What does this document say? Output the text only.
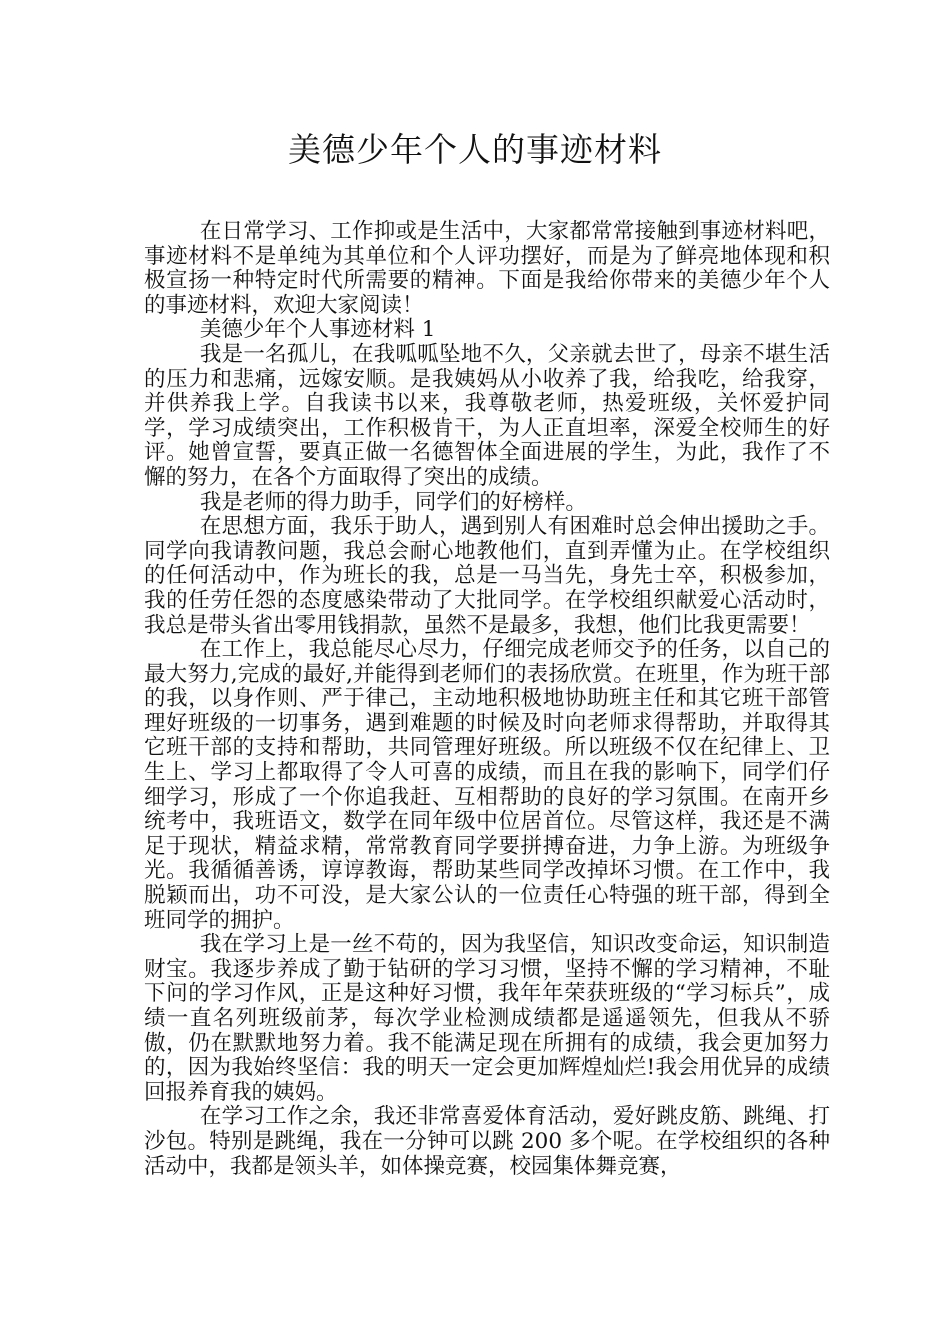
美德少年个人的事迹材料

在日常学习、工作抑或是生活中，大家都常常接触到事迹材料吧，事迹材料不是单纯为其单位和个人评功摆好，而是为了鲜亮地体现和积极宣扬一种特定时代所需要的精神。下面是我给你带来的美德少年个人的事迹材料，欢迎大家阅读！

美德少年个人事迹材料 1

我是一名孤儿，在我呱呱坠地不久，父亲就去世了，母亲不堪生活的压力和悲痛，远嫁安顺。是我姨妈从小收养了我，给我吃，给我穿，并供养我上学。自我读书以来，我尊敬老师，热爱班级，关怀爱护同学，学习成绩突出，工作积极肯干，为人正直坦率，深爱全校师生的好评。她曾宣誓，要真正做一名德智体全面进展的学生，为此，我作了不懈的努力，在各个方面取得了突出的成绩。

我是老师的得力助手，同学们的好榜样。

在思想方面，我乐于助人，遇到别人有困难时总会伸出援助之手。同学向我请教问题，我总会耐心地教他们，直到弄懂为止。在学校组织的任何活动中，作为班长的我，总是一马当先，身先士卒，积极参加，我的任劳任怨的态度感染带动了大批同学。在学校组织献爱心活动时，我总是带头省出零用钱捐款，虽然不是最多，我想，他们比我更需要！

在工作上，我总能尽心尽力，仔细完成老师交予的任务，以自己的最大努力,完成的最好,并能得到老师们的表扬欣赏。在班里，作为班干部的我，以身作则、严于律己，主动地积极地协助班主任和其它班干部管理好班级的一切事务，遇到难题的时候及时向老师求得帮助，并取得其它班干部的支持和帮助，共同管理好班级。所以班级不仅在纪律上、卫生上、学习上都取得了令人可喜的成绩，而且在我的影响下，同学们仔细学习，形成了一个你追我赶、互相帮助的良好的学习氛围。在南开乡统考中，我班语文，数学在同年级中位居首位。尽管这样，我还是不满足于现状，精益求精，常常教育同学要拼搏奋进，力争上游。为班级争光。我循循善诱，谆谆教诲，帮助某些同学改掉坏习惯。在工作中，我脱颖而出，功不可没，是大家公认的一位责任心特强的班干部，得到全班同学的拥护。

我在学习上是一丝不苟的，因为我坚信，知识改变命运，知识制造财宝。我逐步养成了勤于钻研的学习习惯，坚持不懈的学习精神，不耻下问的学习作风，正是这种好习惯，我年年荣获班级的“学习标兵”，成绩一直名列班级前茅，每次学业检测成绩都是遥遥领先，但我从不骄傲，仍在默默地努力着。我不能满足现在所拥有的成绩，我会更加努力的，因为我始终坚信：我的明天一定会更加辉煌灿烂!我会用优异的成绩回报养育我的姨妈。

在学习工作之余，我还非常喜爱体育活动，爱好跳皮筋、跳绳、打沙包。特别是跳绳，我在一分钟可以跳 200 多个呢。在学校组织的各种活动中，我都是领头羊，如体操竞赛，校园集体舞竞赛，
